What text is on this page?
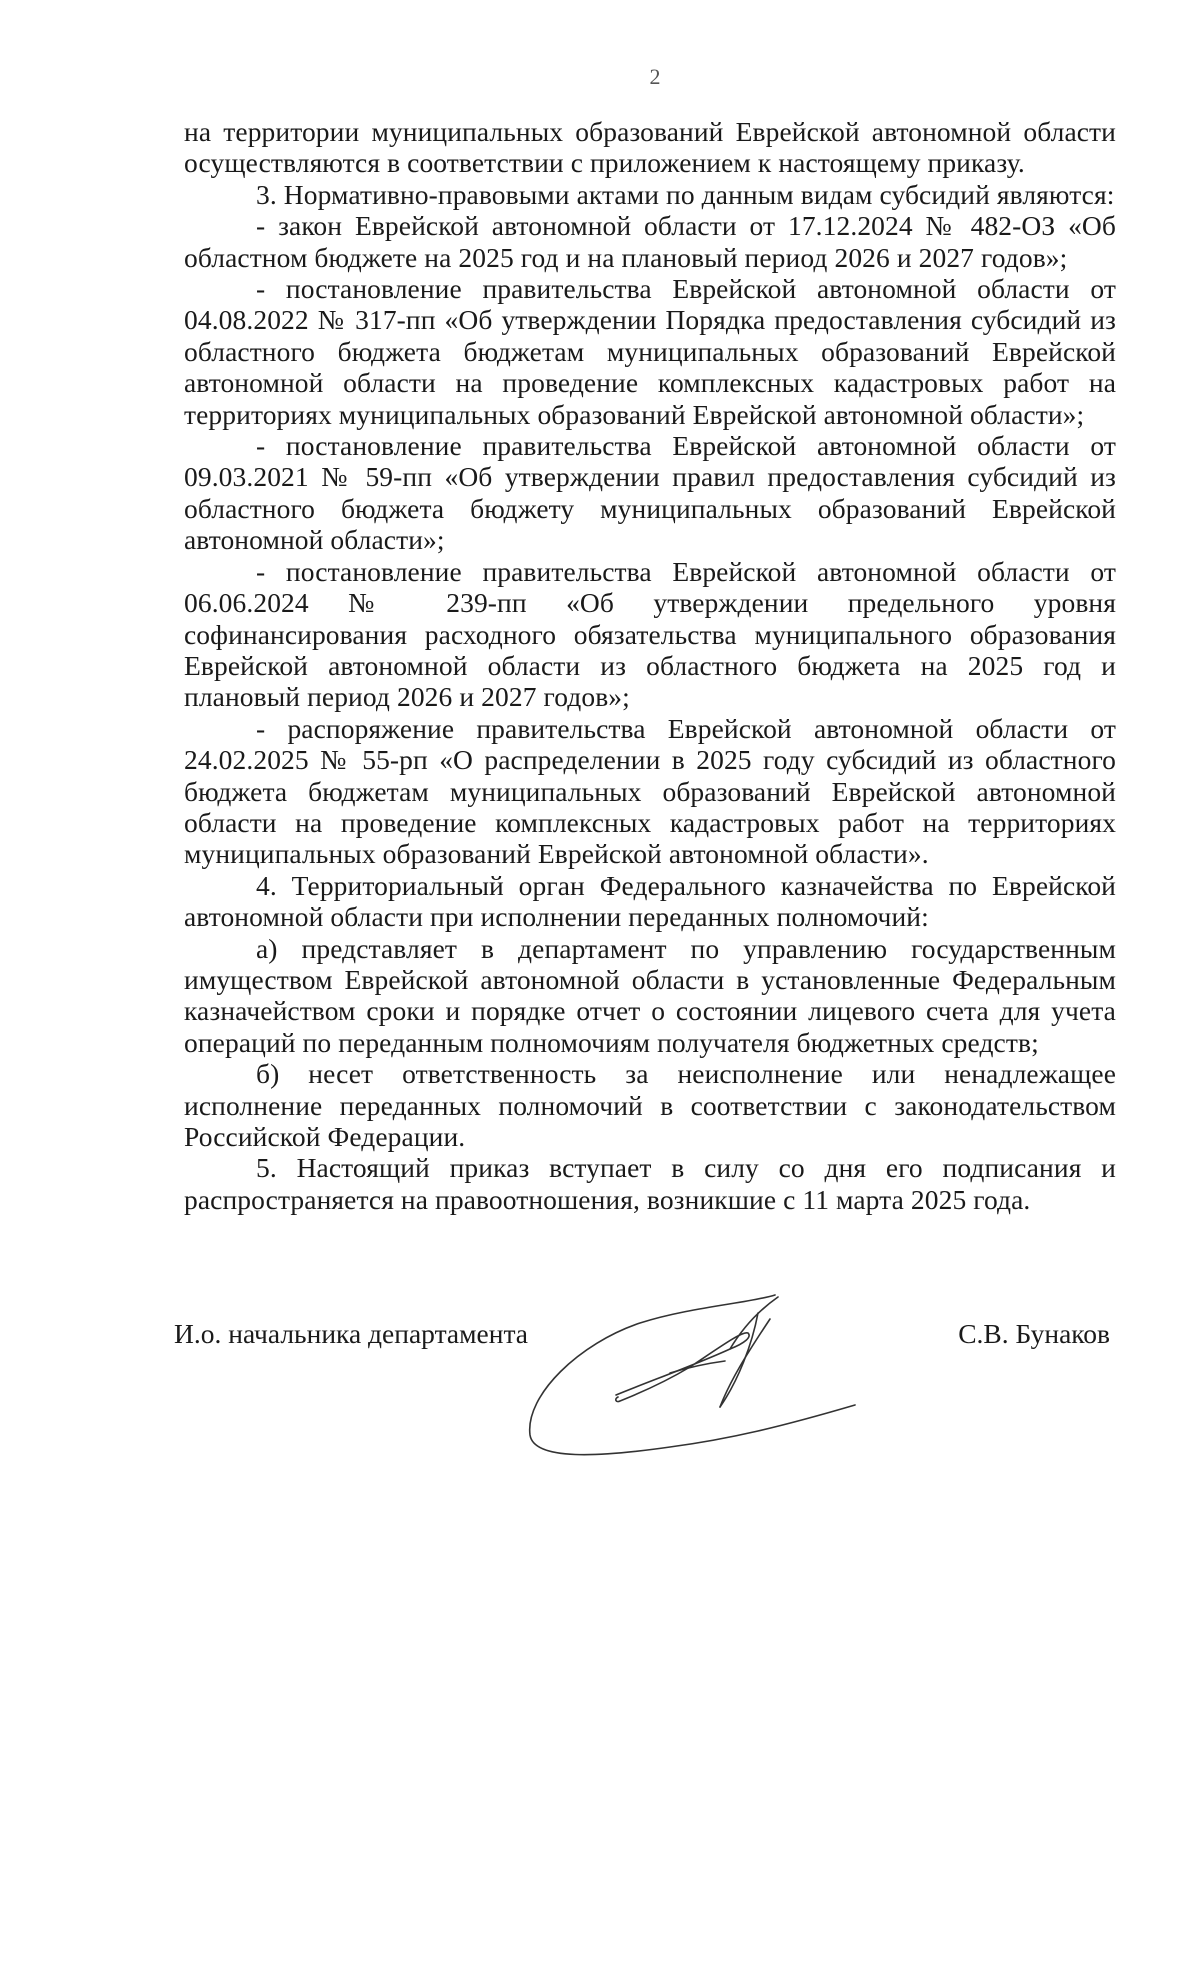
2

на территории муниципальных образований Еврейской автономной области осуществляются в соответствии с приложением к настоящему приказу.

3. Нормативно-правовыми актами по данным видам субсидий являются:

- закон Еврейской автономной области от 17.12.2024 № 482-ОЗ «Об областном бюджете на 2025 год и на плановый период 2026 и 2027 годов»;

- постановление правительства Еврейской автономной области от 04.08.2022 № 317-пп «Об утверждении Порядка предоставления субсидий из областного бюджета бюджетам муниципальных образований Еврейской автономной области на проведение комплексных кадастровых работ на территориях муниципальных образований Еврейской автономной области»;

- постановление правительства Еврейской автономной области от 09.03.2021 № 59-пп «Об утверждении правил предоставления субсидий из областного бюджета бюджету муниципальных образований Еврейской автономной области»;

- постановление правительства Еврейской автономной области от 06.06.2024 № 239-пп «Об утверждении предельного уровня софинансирования расходного обязательства муниципального образования Еврейской автономной области из областного бюджета на 2025 год и плановый период 2026 и 2027 годов»;

- распоряжение правительства Еврейской автономной области от 24.02.2025 № 55-рп «О распределении в 2025 году субсидий из областного бюджета бюджетам муниципальных образований Еврейской автономной области на проведение комплексных кадастровых работ на территориях муниципальных образований Еврейской автономной области».

4. Территориальный орган Федерального казначейства по Еврейской автономной области при исполнении переданных полномочий:

а) представляет в департамент по управлению государственным имуществом Еврейской автономной области в установленные Федеральным казначейством сроки и порядке отчет о состоянии лицевого счета для учета операций по переданным полномочиям получателя бюджетных средств;

б) несет ответственность за неисполнение или ненадлежащее исполнение переданных полномочий в соответствии с законодательством Российской Федерации.

5. Настоящий приказ вступает в силу со дня его подписания и распространяется на правоотношения, возникшие с 11 марта 2025 года.

И.о. начальника департамента	С.В. Бунаков
